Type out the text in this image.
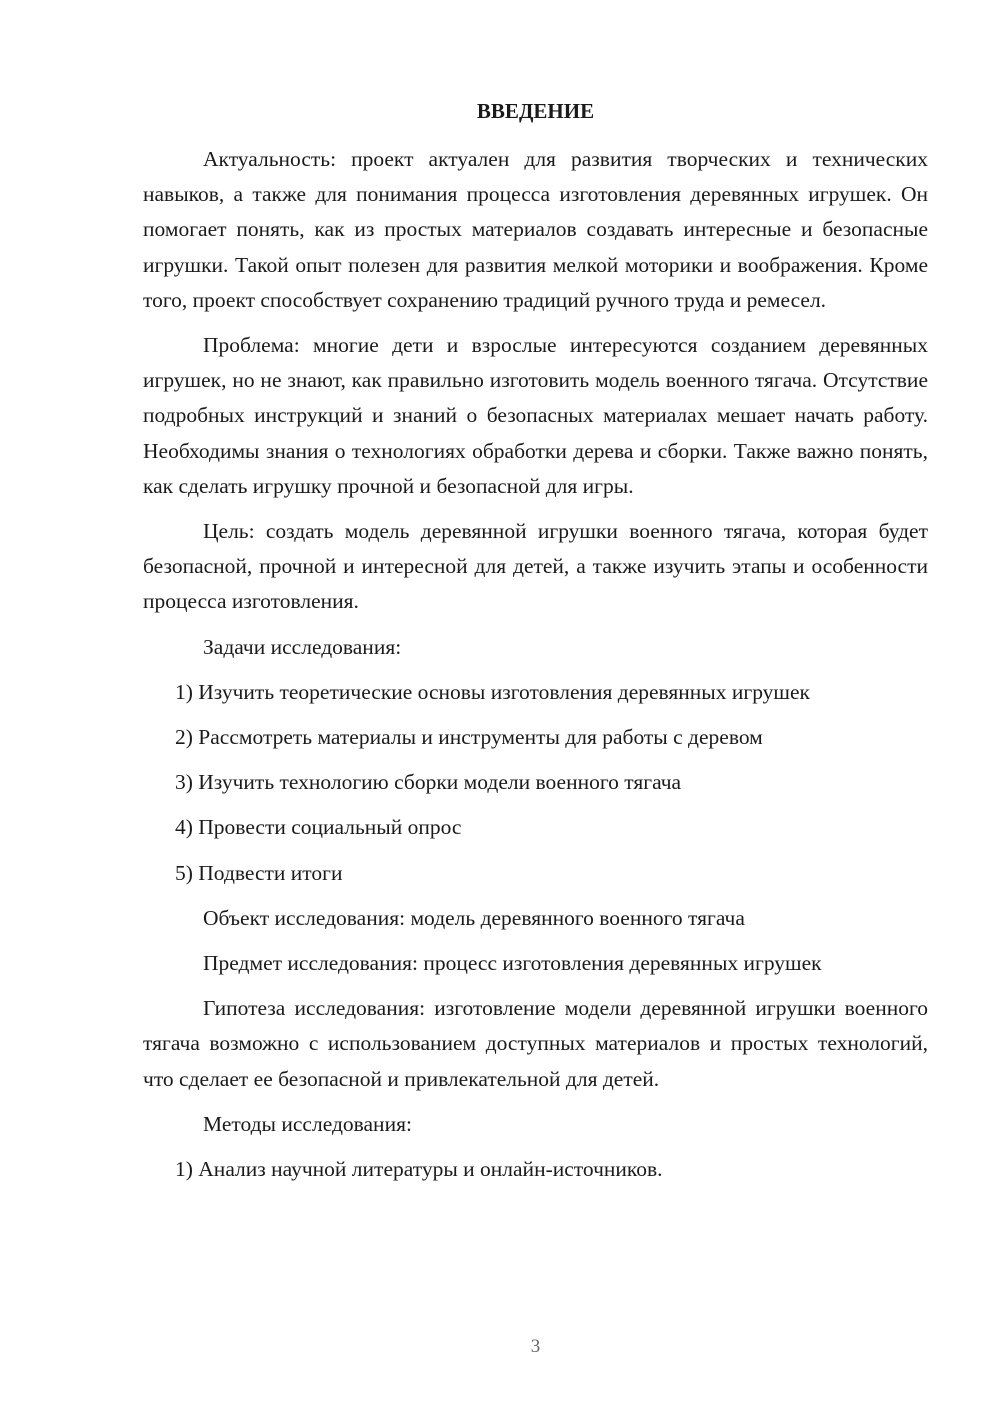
ВВЕДЕНИЕ

Актуальность: проект актуален для развития творческих и технических навыков, а также для понимания процесса изготовления деревянных игрушек. Он помогает понять, как из простых материалов создавать интересные и безопасные игрушки. Такой опыт полезен для развития мелкой моторики и воображения. Кроме того, проект способствует сохранению традиций ручного труда и ремесел.

Проблема: многие дети и взрослые интересуются созданием деревянных игрушек, но не знают, как правильно изготовить модель военного тягача. Отсутствие подробных инструкций и знаний о безопасных материалах мешает начать работу. Необходимы знания о технологиях обработки дерева и сборки. Также важно понять, как сделать игрушку прочной и безопасной для игры.

Цель: создать модель деревянной игрушки военного тягача, которая будет безопасной, прочной и интересной для детей, а также изучить этапы и особенности процесса изготовления.

Задачи исследования:

1) Изучить теоретические основы изготовления деревянных игрушек

2) Рассмотреть материалы и инструменты для работы с деревом

3) Изучить технологию сборки модели военного тягача

4) Провести социальный опрос

5) Подвести итоги

Объект исследования: модель деревянного военного тягача

Предмет исследования: процесс изготовления деревянных игрушек

Гипотеза исследования: изготовление модели деревянной игрушки военного тягача возможно с использованием доступных материалов и простых технологий, что сделает ее безопасной и привлекательной для детей.

Методы исследования:

1) Анализ научной литературы и онлайн-источников.

3
